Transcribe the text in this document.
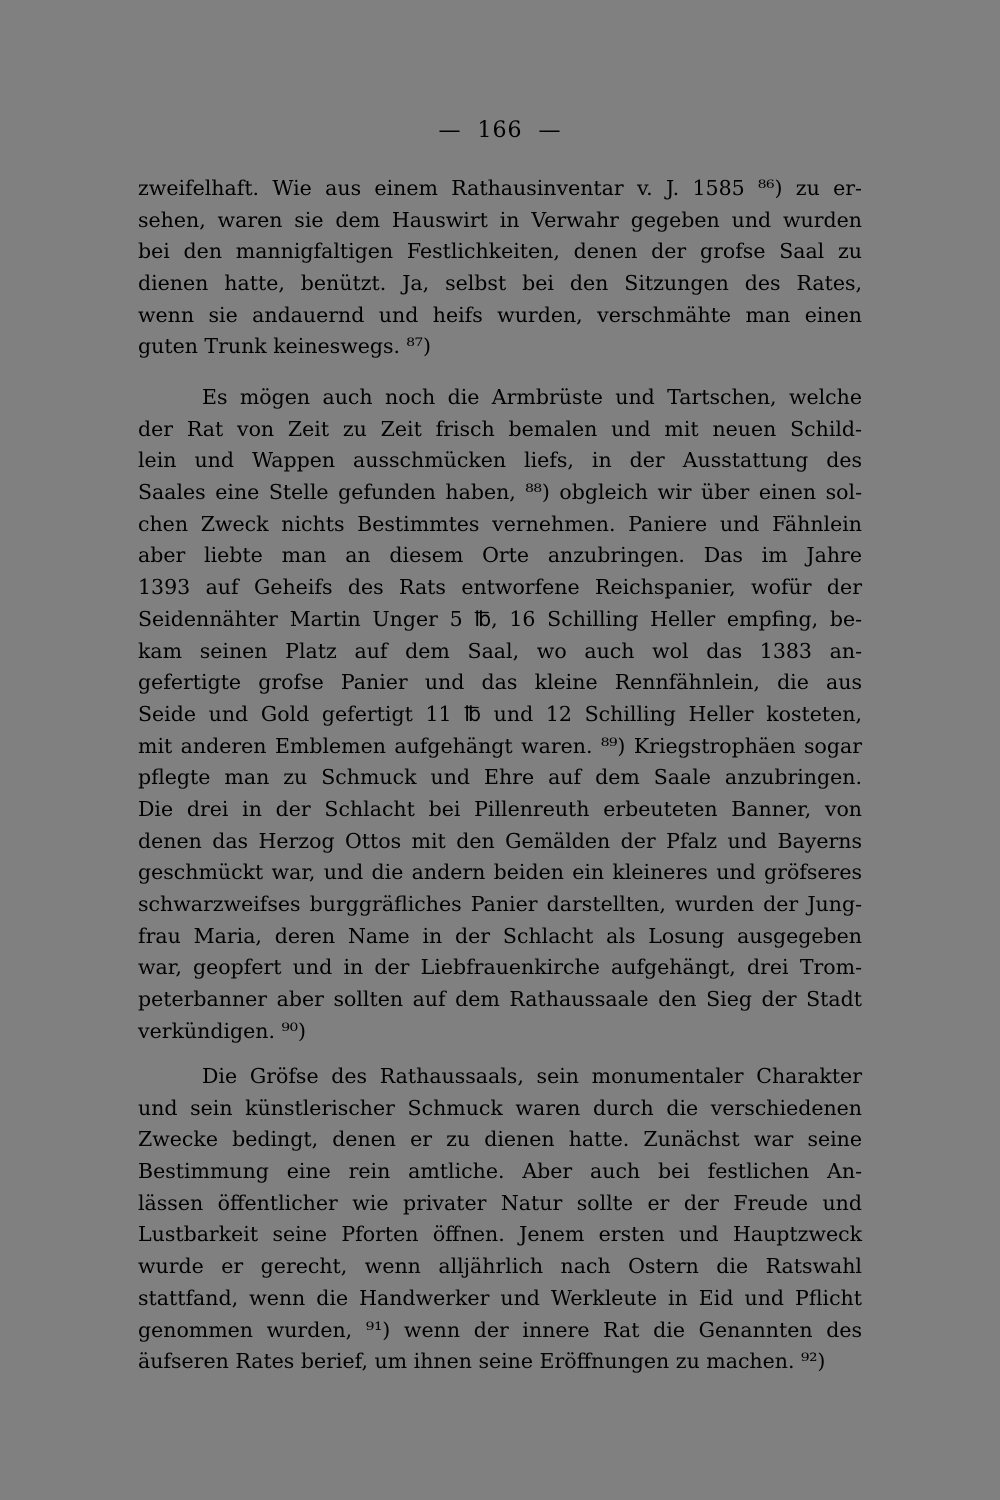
—  166  —
zweifelhaft. Wie aus einem Rathausinventar v. J. 1585 ⁸⁶) zu er-
sehen, waren sie dem Hauswirt in Verwahr gegeben und wurden
bei den mannigfaltigen Festlichkeiten, denen der grofse Saal zu
dienen hatte, benützt. Ja, selbst bei den Sitzungen des Rates,
wenn sie andauernd und heifs wurden, verschmähte man einen
guten Trunk keineswegs. ⁸⁷)
Es mögen auch noch die Armbrüste und Tartschen, welche
der Rat von Zeit zu Zeit frisch bemalen und mit neuen Schild-
lein und Wappen ausschmücken liefs, in der Ausstattung des
Saales eine Stelle gefunden haben, ⁸⁸) obgleich wir über einen sol-
chen Zweck nichts Bestimmtes vernehmen. Paniere und Fähnlein
aber liebte man an diesem Orte anzubringen. Das im Jahre
1393 auf Geheifs des Rats entworfene Reichspanier, wofür der
Seidennähter Martin Unger 5 ℔, 16 Schilling Heller empfing, be-
kam seinen Platz auf dem Saal, wo auch wol das 1383 an-
gefertigte grofse Panier und das kleine Rennfähnlein, die aus
Seide und Gold gefertigt 11 ℔ und 12 Schilling Heller kosteten,
mit anderen Emblemen aufgehängt waren. ⁸⁹) Kriegstrophäen sogar
pflegte man zu Schmuck und Ehre auf dem Saale anzubringen.
Die drei in der Schlacht bei Pillenreuth erbeuteten Banner, von
denen das Herzog Ottos mit den Gemälden der Pfalz und Bayerns
geschmückt war, und die andern beiden ein kleineres und gröfseres
schwarzweifses burggräfliches Panier darstellten, wurden der Jung-
frau Maria, deren Name in der Schlacht als Losung ausgegeben
war, geopfert und in der Liebfrauenkirche aufgehängt, drei Trom-
peterbanner aber sollten auf dem Rathaussaale den Sieg der Stadt
verkündigen. ⁹⁰)
Die Gröfse des Rathaussaals, sein monumentaler Charakter
und sein künstlerischer Schmuck waren durch die verschiedenen
Zwecke bedingt, denen er zu dienen hatte. Zunächst war seine
Bestimmung eine rein amtliche. Aber auch bei festlichen An-
lässen öffentlicher wie privater Natur sollte er der Freude und
Lustbarkeit seine Pforten öffnen. Jenem ersten und Hauptzweck
wurde er gerecht, wenn alljährlich nach Ostern die Ratswahl
stattfand, wenn die Handwerker und Werkleute in Eid und Pflicht
genommen wurden, ⁹¹) wenn der innere Rat die Genannten des
äufseren Rates berief, um ihnen seine Eröffnungen zu machen. ⁹²)
